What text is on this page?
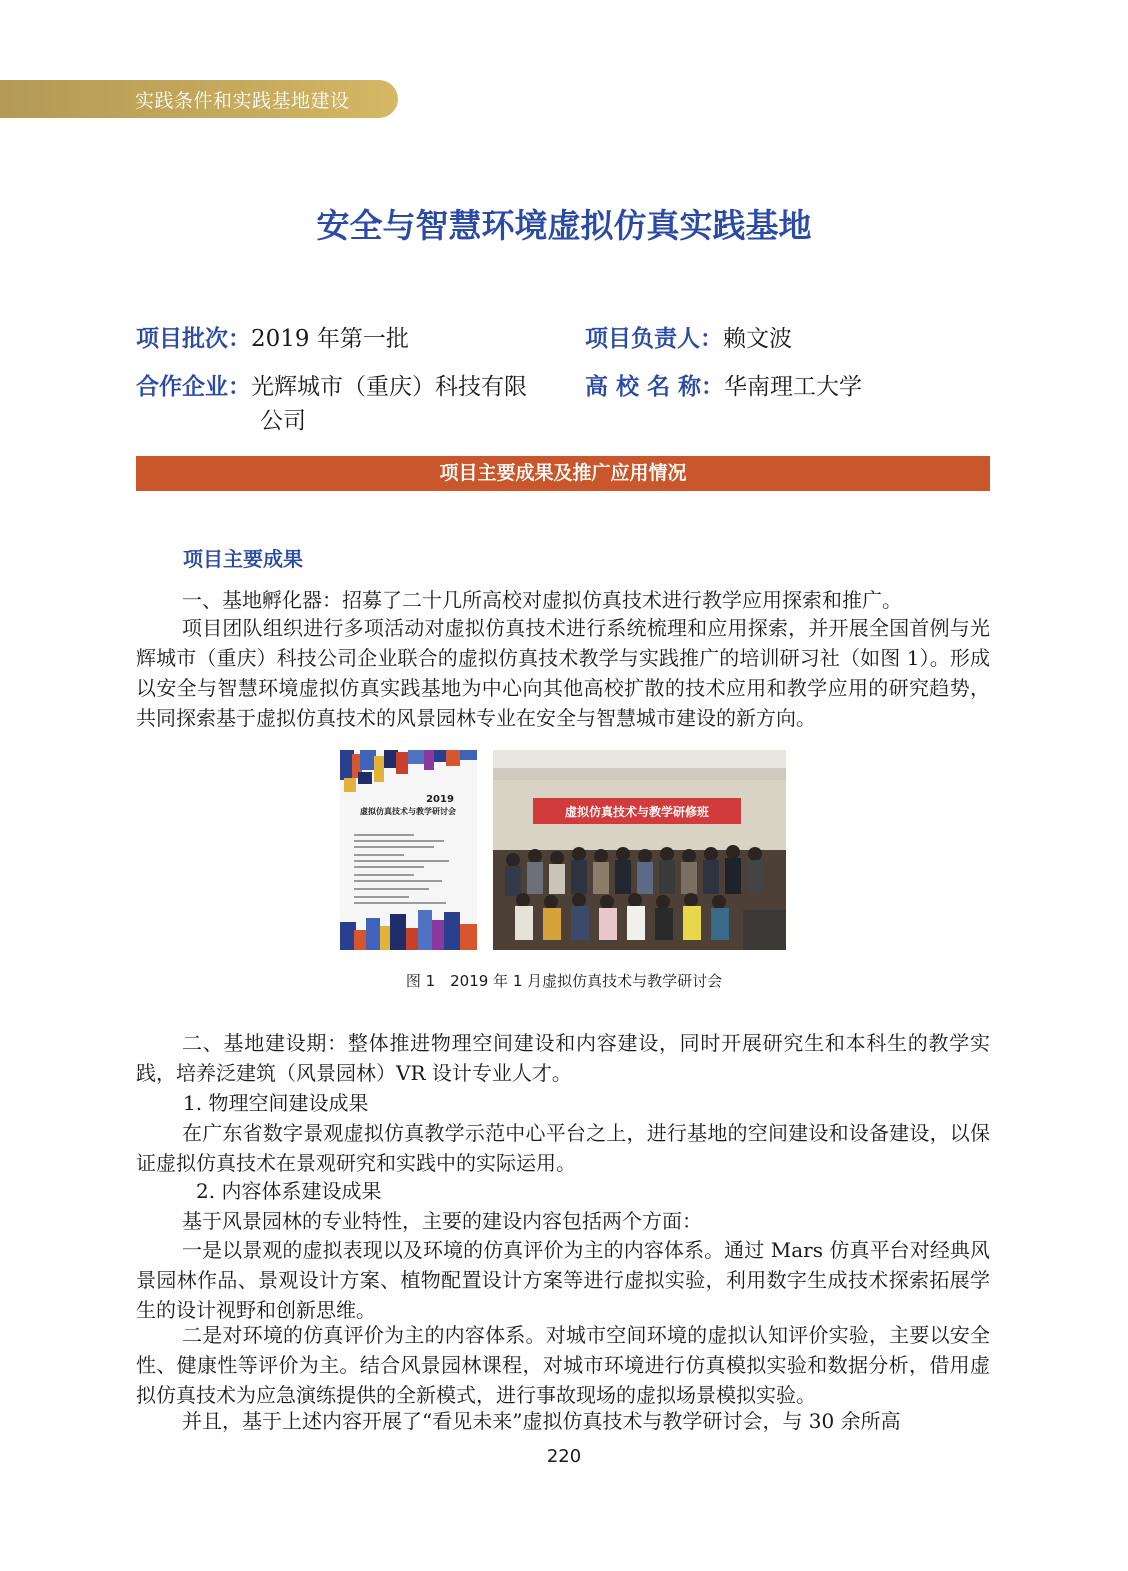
实践条件和实践基地建设
安全与智慧环境虚拟仿真实践基地
项目批次：2019 年第一批	项目负责人：赖文波
合作企业：光辉城市（重庆）科技有限
公司
高 校 名 称：华南理工大学
项目主要成果及推广应用情况
项目主要成果

一、基地孵化器：招募了二十几所高校对虚拟仿真技术进行教学应用探索和推广。

项目团队组织进行多项活动对虚拟仿真技术进行系统梳理和应用探索，并开展全国首例与光辉城市（重庆）科技公司企业联合的虚拟仿真技术教学与实践推广的培训研习社（如图 1）。形成以安全与智慧环境虚拟仿真实践基地为中心向其他高校扩散的技术应用和教学应用的研究趋势，共同探索基于虚拟仿真技术的风景园林专业在安全与智慧城市建设的新方向。

2019
虚拟仿真技术与教学研讨会	虚拟仿真技术与教学研修班
图 1　2019 年 1 月虚拟仿真技术与教学研讨会

二、基地建设期：整体推进物理空间建设和内容建设，同时开展研究生和本科生的教学实践，培养泛建筑（风景园林）VR 设计专业人才。

1. 物理空间建设成果

在广东省数字景观虚拟仿真教学示范中心平台之上，进行基地的空间建设和设备建设，以保证虚拟仿真技术在景观研究和实践中的实际运用。

2. 内容体系建设成果

基于风景园林的专业特性，主要的建设内容包括两个方面：

一是以景观的虚拟表现以及环境的仿真评价为主的内容体系。通过 Mars 仿真平台对经典风景园林作品、景观设计方案、植物配置设计方案等进行虚拟实验，利用数字生成技术探索拓展学生的设计视野和创新思维。

二是对环境的仿真评价为主的内容体系。对城市空间环境的虚拟认知评价实验，主要以安全性、健康性等评价为主。结合风景园林课程，对城市环境进行仿真模拟实验和数据分析，借用虚拟仿真技术为应急演练提供的全新模式，进行事故现场的虚拟场景模拟实验。

并且，基于上述内容开展了“看见未来”虚拟仿真技术与教学研讨会，与 30 余所高

220
